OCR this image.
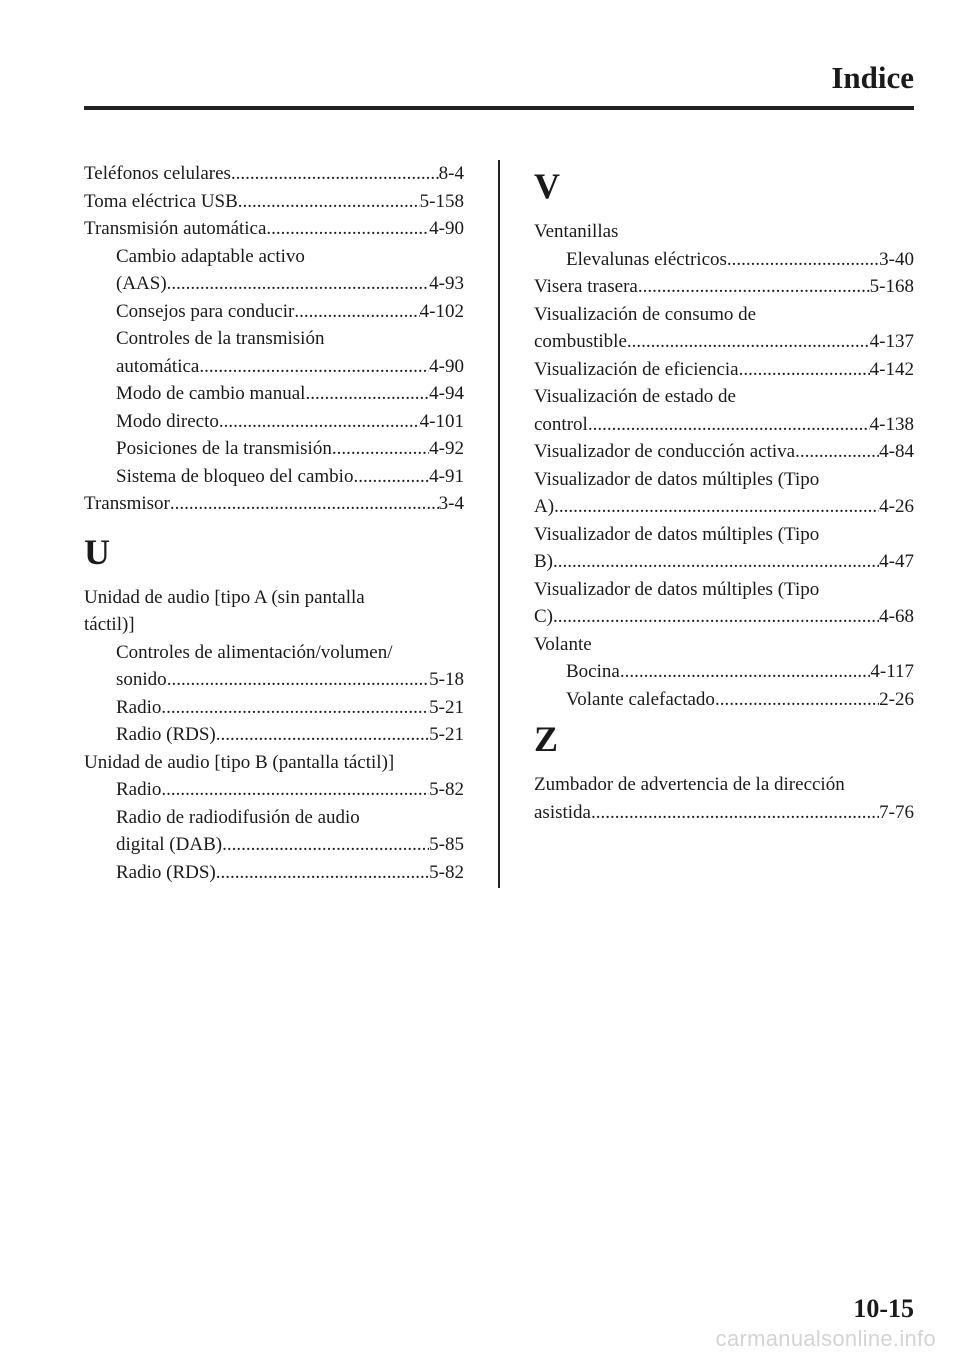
Indice
Teléfonos celulares .....	8-4
Toma eléctrica USB .....	5-158
Transmisión automática .....	4-90
Cambio adaptable activo
(AAS) .....	4-93
Consejos para conducir .....	4-102
Controles de la transmisión
automática .....	4-90
Modo de cambio manual .....	4-94
Modo directo .....	4-101
Posiciones de la transmisión .....	4-92
Sistema de bloqueo del cambio .....	4-91
Transmisor .....	3-4
U
Unidad de audio [tipo A (sin pantalla
táctil)]
Controles de alimentación/volumen/
sonido .....	5-18
Radio .....	5-21
Radio (RDS) .....	5-21
Unidad de audio [tipo B (pantalla táctil)]
Radio .....	5-82
Radio de radiodifusión de audio
digital (DAB) .....	5-85
Radio (RDS) .....	5-82
V
Ventanillas
Elevalunas eléctricos .....	3-40
Visera trasera .....	5-168
Visualización de consumo de
combustible .....	4-137
Visualización de eficiencia .....	4-142
Visualización de estado de
control .....	4-138
Visualizador de conducción activa .....	4-84
Visualizador de datos múltiples (Tipo
A) .....	4-26
Visualizador de datos múltiples (Tipo
B) .....	4-47
Visualizador de datos múltiples (Tipo
C) .....	4-68
Volante
Bocina .....	4-117
Volante calefactado .....	2-26
Z
Zumbador de advertencia de la dirección
asistida .....	7-76
10-15
carmanualsonline.info
